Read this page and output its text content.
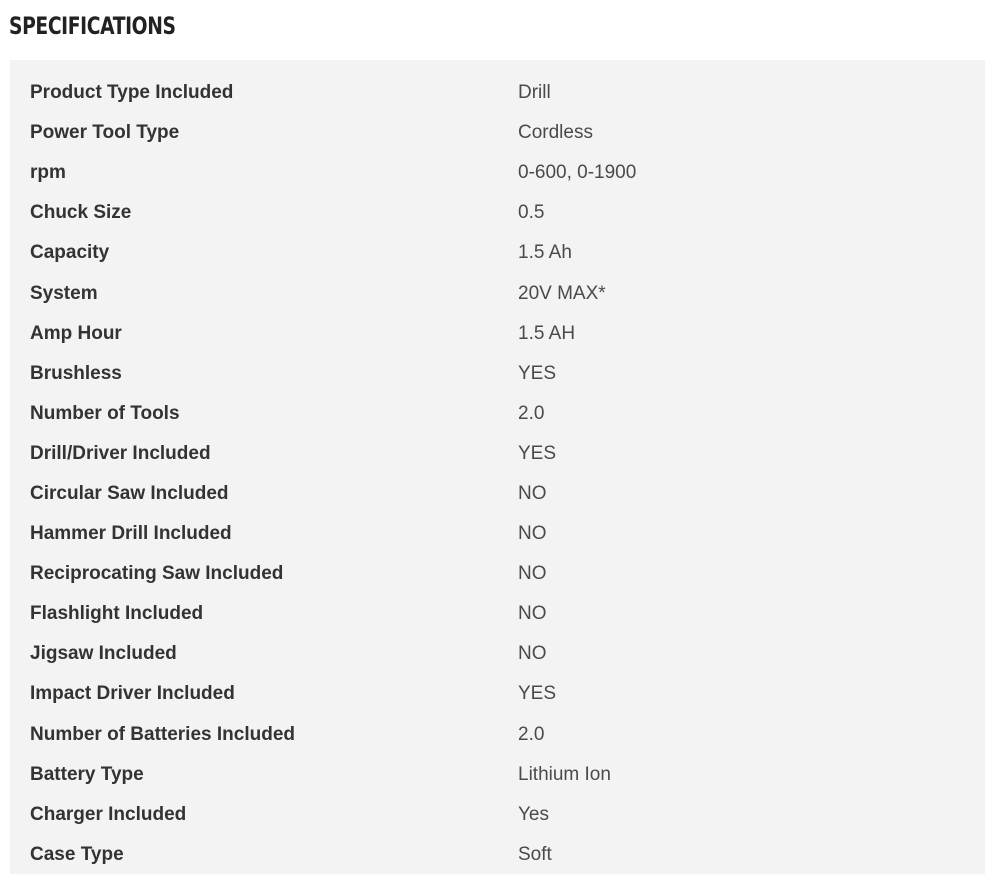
SPECIFICATIONS
Product Type Included	Drill
Power Tool Type	Cordless
rpm	0-600, 0-1900
Chuck Size	0.5
Capacity	1.5 Ah
System	20V MAX*
Amp Hour	1.5 AH
Brushless	YES
Number of Tools	2.0
Drill/Driver Included	YES
Circular Saw Included	NO
Hammer Drill Included	NO
Reciprocating Saw Included	NO
Flashlight Included	NO
Jigsaw Included	NO
Impact Driver Included	YES
Number of Batteries Included	2.0
Battery Type	Lithium Ion
Charger Included	Yes
Case Type	Soft
